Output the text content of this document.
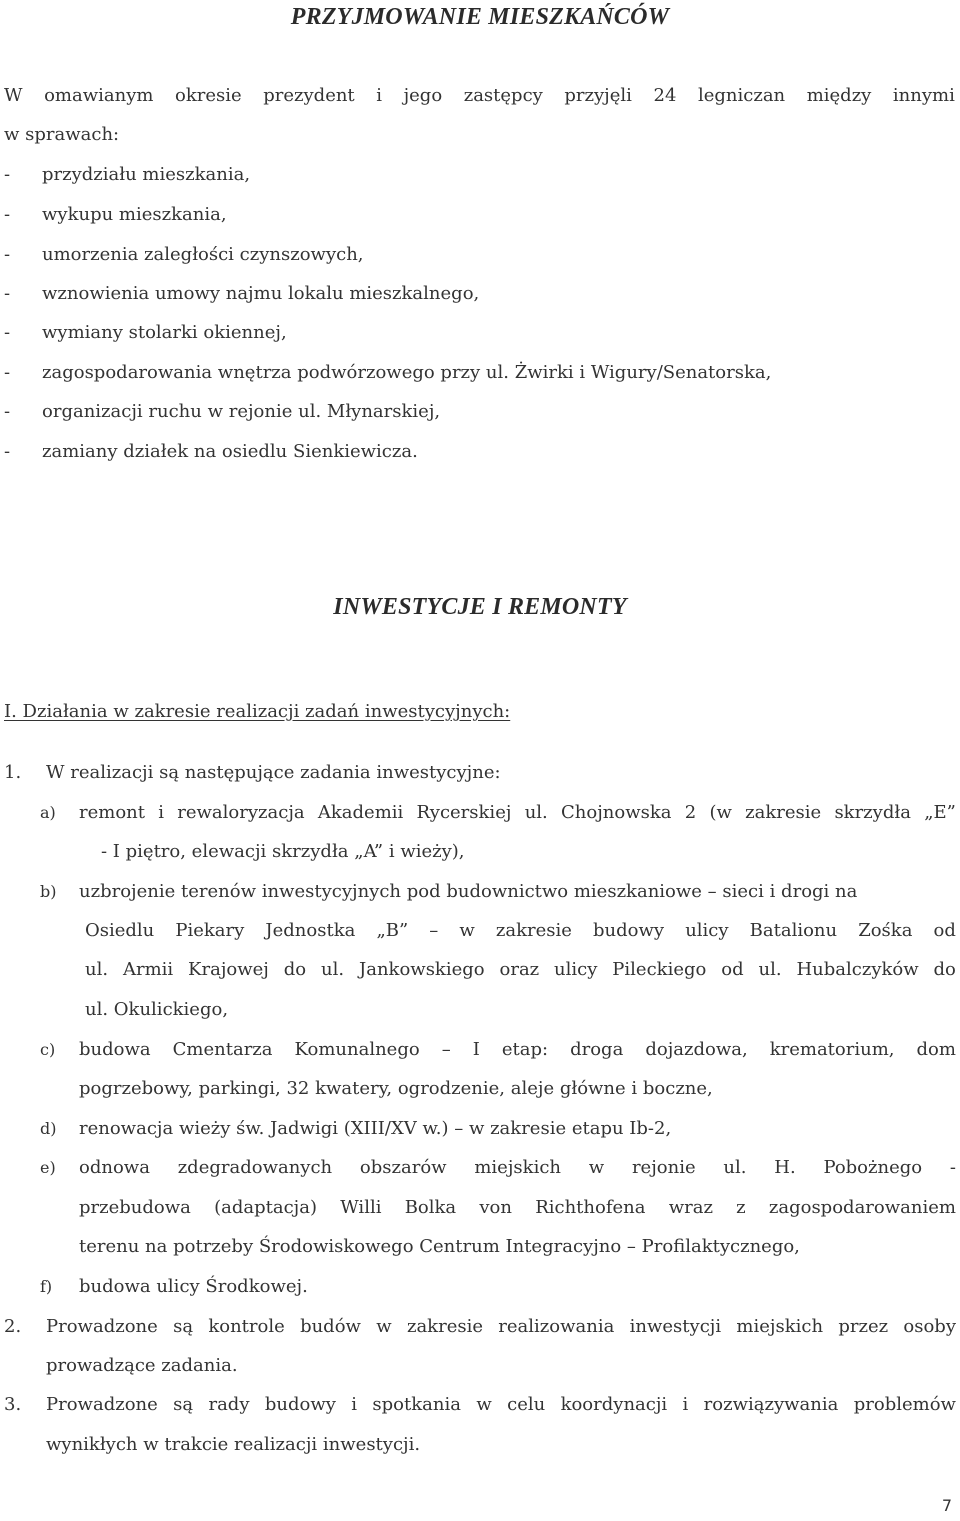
PRZYJMOWANIE MIESZKAŃCÓW
W omawianym okresie prezydent i jego zastępcy przyjęli 24 legniczan między innymi
w sprawach:
- przydziału mieszkania,
- wykupu mieszkania,
- umorzenia zaległości czynszowych,
- wznowienia umowy najmu lokalu mieszkalnego,
- wymiany stolarki okiennej,
- zagospodarowania wnętrza podwórzowego przy ul. Żwirki i Wigury/Senatorska,
- organizacji ruchu w rejonie ul. Młynarskiej,
- zamiany działek na osiedlu Sienkiewicza.
INWESTYCJE I REMONTY
I. Działania w zakresie realizacji zadań inwestycyjnych:
1. W realizacji są następujące zadania inwestycyjne:
a) remont i rewaloryzacja Akademii Rycerskiej ul. Chojnowska 2 (w zakresie skrzydła „E”
- I piętro, elewacji skrzydła „A” i wieży),
b) uzbrojenie terenów inwestycyjnych pod budownictwo mieszkaniowe – sieci i drogi na
Osiedlu Piekary Jednostka „B” – w zakresie budowy ulicy Batalionu Zośka od
ul. Armii Krajowej do ul. Jankowskiego oraz ulicy Pileckiego od ul. Hubalczyków do
ul. Okulickiego,
c) budowa Cmentarza Komunalnego – I etap: droga dojazdowa, krematorium, dom
pogrzebowy, parkingi, 32 kwatery, ogrodzenie, aleje główne i boczne,
d) renowacja wieży św. Jadwigi (XIII/XV w.) – w zakresie etapu Ib-2,
e) odnowa zdegradowanych obszarów miejskich w rejonie ul. H. Pobożnego -
przebudowa (adaptacja) Willi Bolka von Richthofena wraz z zagospodarowaniem
terenu na potrzeby Środowiskowego Centrum Integracyjno – Profilaktycznego,
f) budowa ulicy Środkowej.
2. Prowadzone są kontrole budów w zakresie realizowania inwestycji miejskich przez osoby
prowadzące zadania.
3. Prowadzone są rady budowy i spotkania w celu koordynacji i rozwiązywania problemów
wynikłych w trakcie realizacji inwestycji.
7
